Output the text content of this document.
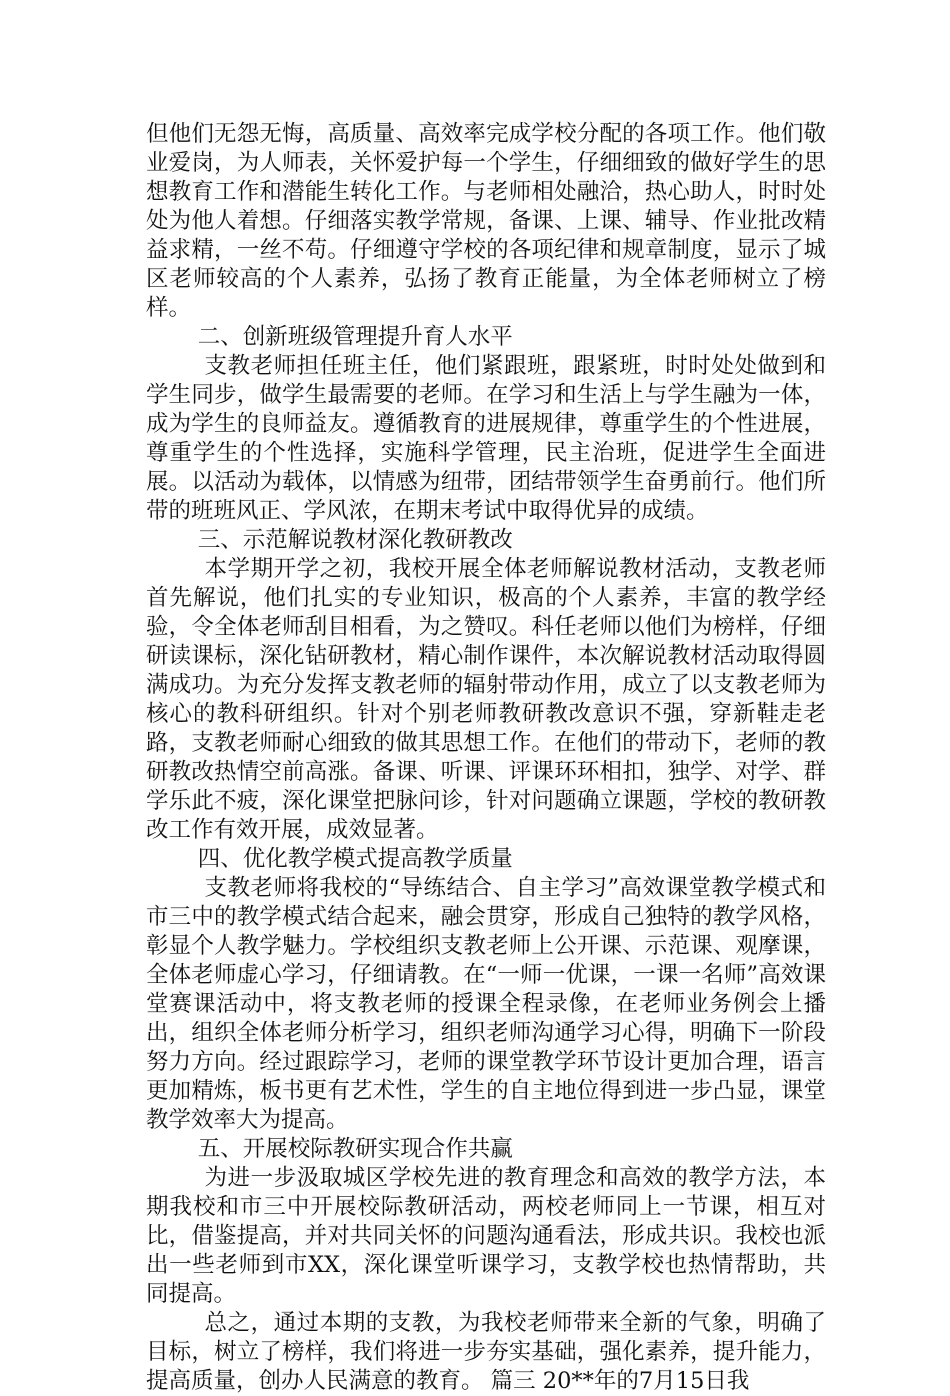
但他们无怨无悔，高质量、高效率完成学校分配的各项工作。他们敬业爱岗，为人师表，关怀爱护每一个学生，仔细细致的做好学生的思想教育工作和潜能生转化工作。与老师相处融洽，热心助人，时时处处为他人着想。仔细落实教学常规，备课、上课、辅导、作业批改精益求精，一丝不苟。仔细遵守学校的各项纪律和规章制度，显示了城区老师较高的个人素养，弘扬了教育正能量，为全体老师树立了榜样。

二、创新班级管理提升育人水平

支教老师担任班主任，他们紧跟班，跟紧班，时时处处做到和学生同步，做学生最需要的老师。在学习和生活上与学生融为一体，成为学生的良师益友。遵循教育的进展规律，尊重学生的个性进展，尊重学生的个性选择，实施科学管理，民主治班，促进学生全面进展。以活动为载体，以情感为纽带，团结带领学生奋勇前行。他们所带的班班风正、学风浓，在期末考试中取得优异的成绩。

三、示范解说教材深化教研教改

本学期开学之初，我校开展全体老师解说教材活动，支教老师首先解说，他们扎实的专业知识，极高的个人素养，丰富的教学经验，令全体老师刮目相看，为之赞叹。科任老师以他们为榜样，仔细研读课标，深化钻研教材，精心制作课件，本次解说教材活动取得圆满成功。为充分发挥支教老师的辐射带动作用，成立了以支教老师为核心的教科研组织。针对个别老师教研教改意识不强，穿新鞋走老路，支教老师耐心细致的做其思想工作。在他们的带动下，老师的教研教改热情空前高涨。备课、听课、评课环环相扣，独学、对学、群学乐此不疲，深化课堂把脉问诊，针对问题确立课题，学校的教研教改工作有效开展，成效显著。

四、优化教学模式提高教学质量

支教老师将我校的“导练结合、自主学习”高效课堂教学模式和市三中的教学模式结合起来，融会贯穿，形成自己独特的教学风格，彰显个人教学魅力。学校组织支教老师上公开课、示范课、观摩课，全体老师虚心学习，仔细请教。在“一师一优课，一课一名师”高效课堂赛课活动中，将支教老师的授课全程录像，在老师业务例会上播出，组织全体老师分析学习，组织老师沟通学习心得，明确下一阶段努力方向。经过跟踪学习，老师的课堂教学环节设计更加合理，语言更加精炼，板书更有艺术性，学生的自主地位得到进一步凸显，课堂教学效率大为提高。

五、开展校际教研实现合作共赢

为进一步汲取城区学校先进的教育理念和高效的教学方法，本期我校和市三中开展校际教研活动，两校老师同上一节课，相互对比，借鉴提高，并对共同关怀的问题沟通看法，形成共识。我校也派出一些老师到市XX，深化课堂听课学习，支教学校也热情帮助，共同提高。

总之，通过本期的支教，为我校老师带来全新的气象，明确了目标，树立了榜样，我们将进一步夯实基础，强化素养，提升能力，提高质量，创办人民满意的教育。 篇三 20**年的7月15日我
